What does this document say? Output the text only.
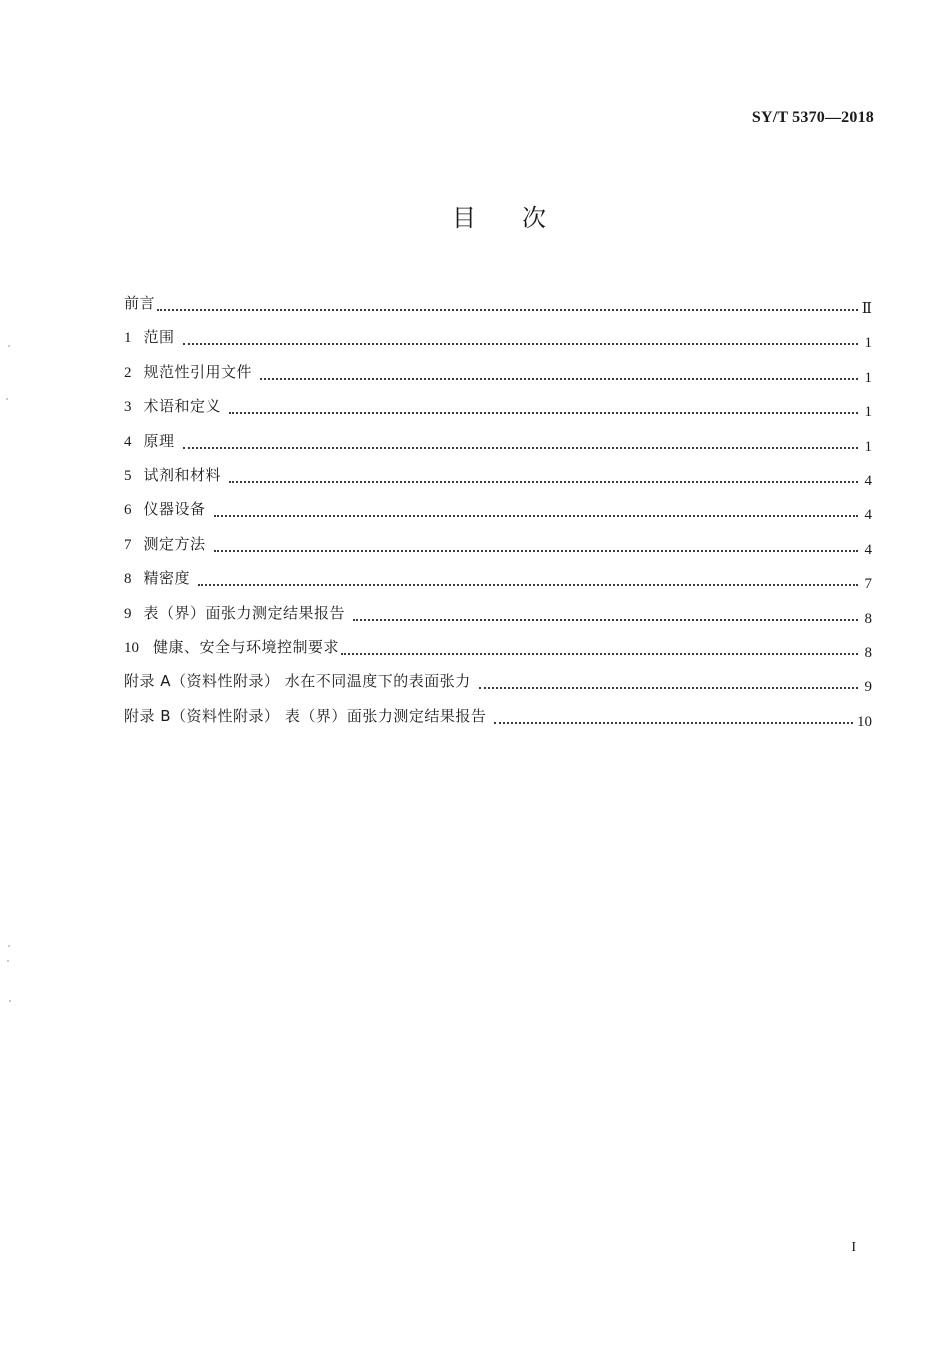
SY/T 5370—2018
目 次
前言	Ⅱ
1 范围	1
2 规范性引用文件	1
3 术语和定义	1
4 原理	1
5 试剂和材料	4
6 仪器设备	4
7 测定方法	4
8 精密度	7
9 表（界）面张力测定结果报告	8
10 健康、安全与环境控制要求	8
附录 A（资料性附录） 水在不同温度下的表面张力	9
附录 B（资料性附录） 表（界）面张力测定结果报告	10
I
